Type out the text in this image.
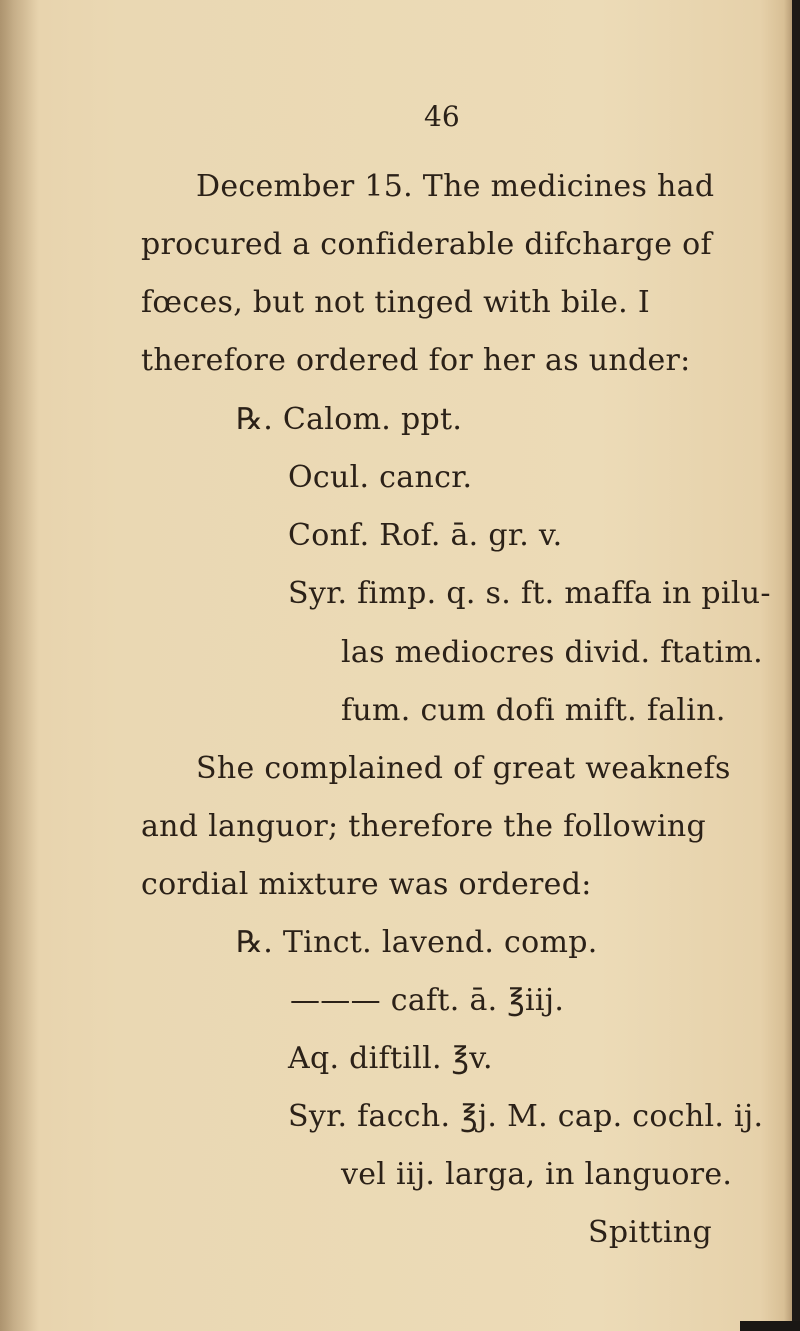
46
December 15. The medicines had
procured a confiderable difcharge of
fœces, but not tinged with bile. I
therefore ordered for her as under:
℞. Calom. ppt.
Ocul. cancr.
Conf. Rof. ā. gr. v.
Syr. fimp. q. s. ft. maffa in pilu-
las mediocres divid. ftatim.
fum. cum dofi mift. falin.
She complained of great weaknefs
and languor; therefore the following
cordial mixture was ordered:
℞. Tinct. lavend. comp.
——— caft. ā. ℥iij.
Aq. diftill. ℥v.
Syr. facch. ℥j. M. cap. cochl. ij.
vel iij. larga, in languore.
Spitting
